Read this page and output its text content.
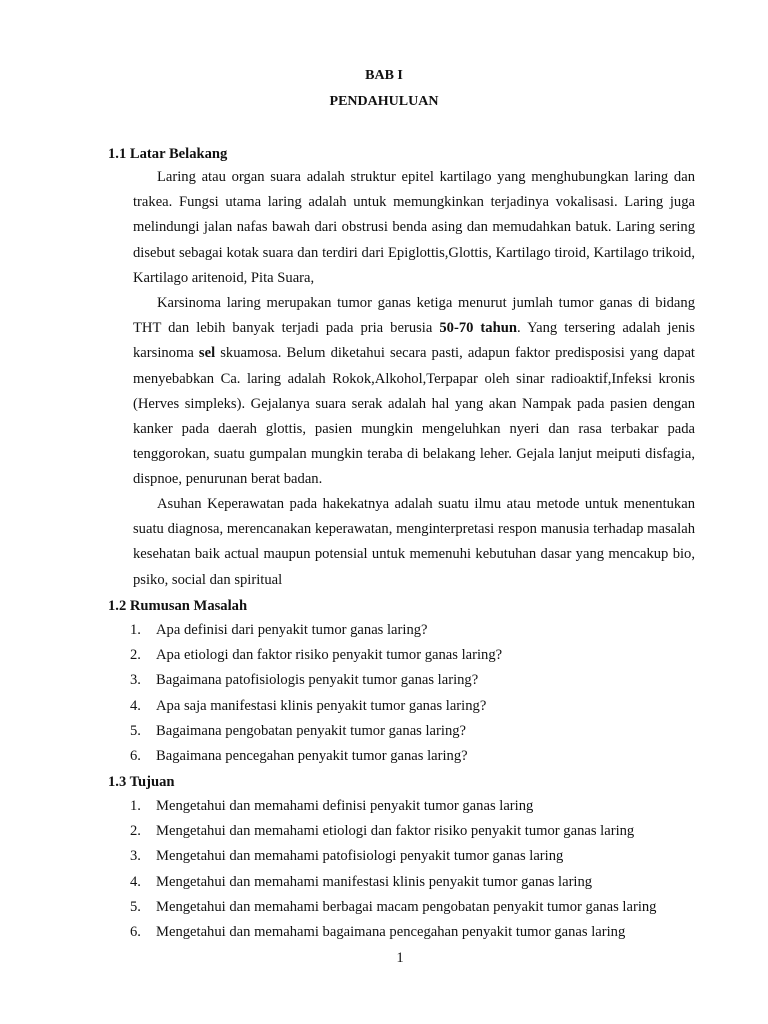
BAB I
PENDAHULUAN
1.1 Latar Belakang

Laring atau organ suara adalah struktur epitel kartilago yang menghubungkan laring dan trakea. Fungsi utama laring adalah untuk memungkinkan terjadinya vokalisasi. Laring juga melindungi jalan nafas bawah dari obstrusi benda asing dan memudahkan batuk. Laring sering disebut sebagai kotak suara dan terdiri dari Epiglottis,Glottis, Kartilago tiroid, Kartilago trikoid, Kartilago aritenoid, Pita Suara,

Karsinoma laring merupakan tumor ganas ketiga menurut jumlah tumor ganas di bidang THT dan lebih banyak terjadi pada pria berusia 50-70 tahun. Yang tersering adalah jenis karsinoma sel skuamosa. Belum diketahui secara pasti, adapun faktor predisposisi yang dapat menyebabkan Ca. laring adalah Rokok,Alkohol,Terpapar oleh sinar radioaktif,Infeksi kronis (Herves simpleks). Gejalanya suara serak adalah hal yang akan Nampak pada pasien dengan kanker pada daerah glottis, pasien mungkin mengeluhkan nyeri dan rasa terbakar pada tenggorokan, suatu gumpalan mungkin teraba di belakang leher. Gejala lanjut meiputi disfagia, dispnoe, penurunan berat badan.

Asuhan Keperawatan pada hakekatnya adalah suatu ilmu atau metode untuk menentukan suatu diagnosa, merencanakan keperawatan, menginterpretasi respon manusia terhadap masalah kesehatan baik actual maupun potensial untuk memenuhi kebutuhan dasar yang mencakup bio, psiko, social dan spiritual

1.2 Rumusan Masalah
1. Apa definisi dari penyakit tumor ganas laring?
2. Apa etiologi dan faktor risiko penyakit tumor ganas laring?
3. Bagaimana patofisiologis penyakit tumor ganas laring?
4. Apa saja manifestasi klinis penyakit tumor ganas laring?
5. Bagaimana pengobatan penyakit tumor ganas laring?
6. Bagaimana pencegahan penyakit tumor ganas laring?
1.3 Tujuan
1. Mengetahui dan memahami definisi penyakit tumor ganas laring
2. Mengetahui dan memahami etiologi dan faktor risiko penyakit tumor ganas laring
3. Mengetahui dan memahami patofisiologi penyakit tumor ganas laring
4. Mengetahui dan memahami manifestasi klinis penyakit tumor ganas laring
5. Mengetahui dan memahami berbagai macam pengobatan penyakit tumor ganas laring
6. Mengetahui dan memahami bagaimana pencegahan penyakit tumor ganas laring
1
